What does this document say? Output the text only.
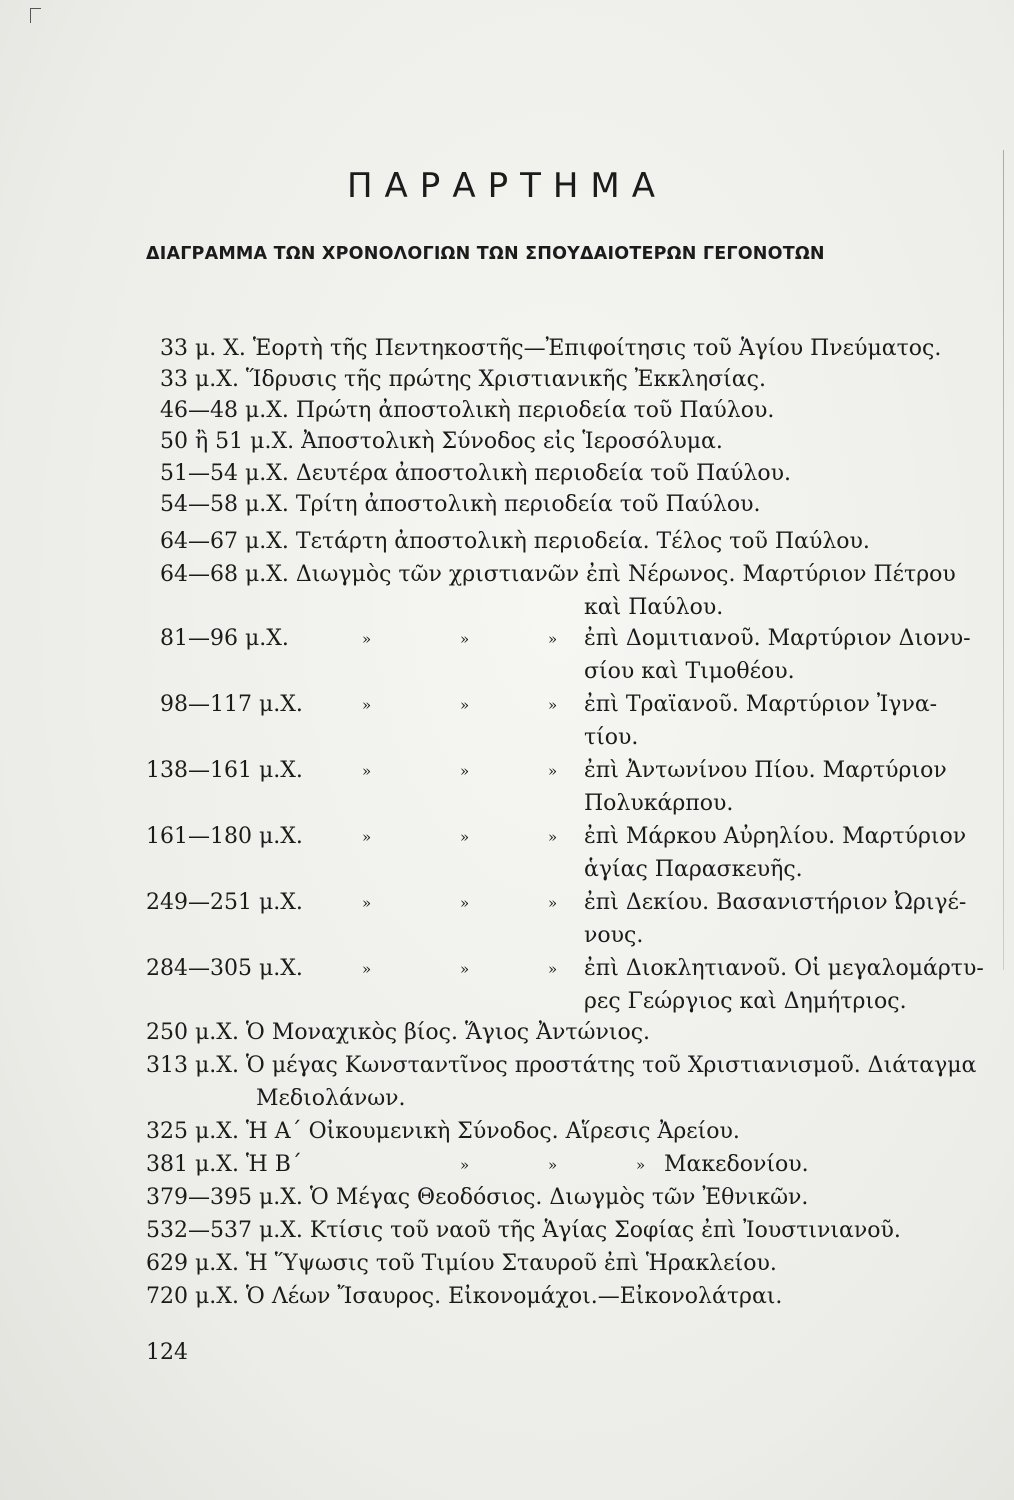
ΠΑΡΑΡΤΗΜΑ
ΔΙΑΓΡΑΜΜΑ ΤΩΝ ΧΡΟΝΟΛΟΓΙΩΝ ΤΩΝ ΣΠΟΥΔΑΙΟΤΕΡΩΝ ΓΕΓΟΝΟΤΩΝ
33 μ. Χ. Ἑορτὴ τῆς Πεντηκοστῆς—Ἐπιφοίτησις τοῦ Ἁγίου Πνεύματος.
33 μ.Χ. Ἵδρυσις τῆς πρώτης Χριστιανικῆς Ἐκκλησίας.
46—48 μ.Χ. Πρώτη ἀποστολικὴ περιοδεία τοῦ Παύλου.
50 ἢ 51 μ.Χ. Ἀποστολικὴ Σύνοδος εἰς Ἱεροσόλυμα.
51—54 μ.Χ. Δευτέρα ἀποστολικὴ περιοδεία τοῦ Παύλου.
54—58 μ.Χ. Τρίτη ἀποστολικὴ περιοδεία τοῦ Παύλου.
64—67 μ.Χ. Τετάρτη ἀποστολικὴ περιοδεία. Τέλος τοῦ Παύλου.
64—68 μ.Χ. Διωγμὸς τῶν χριστιανῶν ἐπὶ Νέρωνος. Μαρτύριον Πέτρου
καὶ Παύλου.
81—96 μ.Χ.	»	»	» ἐπὶ Δομιτιανοῦ. Μαρτύριον Διονυ-
σίου καὶ Τιμοθέου.
98—117 μ.Χ.	»	»	» ἐπὶ Τραϊανοῦ. Μαρτύριον Ἰγνα-
τίου.
138—161 μ.Χ.	»	»	» ἐπὶ Ἀντωνίνου Πίου. Μαρτύριον
Πολυκάρπου.
161—180 μ.Χ.	»	»	» ἐπὶ Μάρκου Αὐρηλίου. Μαρτύριον
ἁγίας Παρασκευῆς.
249—251 μ.Χ.	»	»	» ἐπὶ Δεκίου. Βασανιστήριον Ὠριγέ-
νους.
284—305 μ.Χ.	»	»	» ἐπὶ Διοκλητιανοῦ. Οἱ μεγαλομάρτυ-
ρες Γεώργιος καὶ Δημήτριος.
250 μ.Χ. Ὁ Μοναχικὸς βίος. Ἅγιος Ἀντώνιος.
313 μ.Χ. Ὁ μέγας Κωνσταντῖνος προστάτης τοῦ Χριστιανισμοῦ. Διάταγμα
Μεδιολάνων.
325 μ.Χ. Ἡ Α΄ Οἰκουμενικὴ Σύνοδος. Αἵρεσις Ἀρείου.
381 μ.Χ. Ἡ Β΄	»	»	» Μακεδονίου.
379—395 μ.Χ. Ὁ Μέγας Θεοδόσιος. Διωγμὸς τῶν Ἐθνικῶν.
532—537 μ.Χ. Κτίσις τοῦ ναοῦ τῆς Ἁγίας Σοφίας ἐπὶ Ἰουστινιανοῦ.
629 μ.Χ. Ἡ Ὕψωσις τοῦ Τιμίου Σταυροῦ ἐπὶ Ἡρακλείου.
720 μ.Χ. Ὁ Λέων Ἴσαυρος. Εἰκονομάχοι.—Εἰκονολάτραι.
124
